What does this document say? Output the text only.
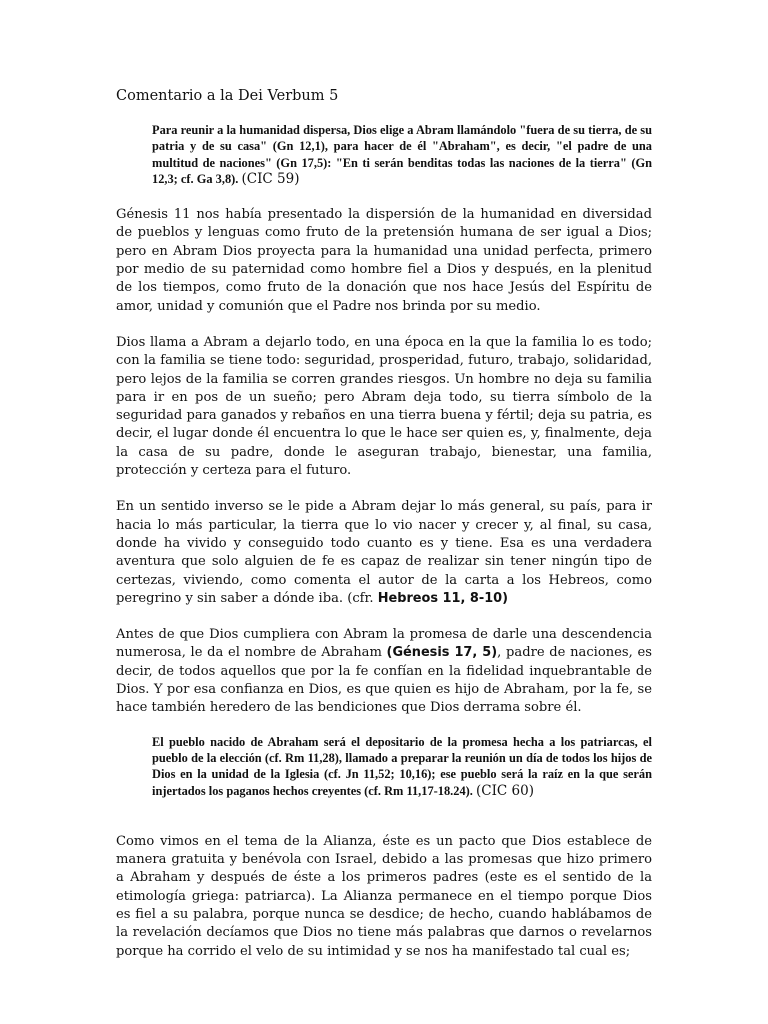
Comentario a la Dei Verbum 5
Para reunir a la humanidad dispersa, Dios elige a Abram llamándolo "fuera de su tierra, de su patria y de su casa" (Gn 12,1), para hacer de él "Abraham", es decir, "el padre de una multitud de naciones" (Gn 17,5): "En ti serán benditas todas las naciones de la tierra" (Gn 12,3; cf. Ga 3,8). (CIC 59)

Génesis 11 nos había presentado la dispersión de la humanidad en diversidad de pueblos y lenguas como fruto de la pretensión humana de ser igual a Dios; pero en Abram Dios proyecta para la humanidad una unidad perfecta, primero por medio de su paternidad como hombre fiel a Dios y después, en la plenitud de los tiempos, como fruto de la donación que nos hace Jesús del Espíritu de amor, unidad y comunión que el Padre nos brinda por su medio.

Dios llama a Abram a dejarlo todo, en una época en la que la familia lo es todo; con la familia se tiene todo: seguridad, prosperidad, futuro, trabajo, solidaridad, pero lejos de la familia se corren grandes riesgos. Un hombre no deja su familia para ir en pos de un sueño; pero Abram deja todo, su tierra símbolo de la seguridad para ganados y rebaños en una tierra buena y fértil; deja su patria, es decir, el lugar donde él encuentra lo que le hace ser quien es, y, finalmente, deja la casa de su padre, donde le aseguran trabajo, bienestar, una familia, protección y certeza para el futuro.

En un sentido inverso se le pide a Abram dejar lo más general, su país, para ir hacia lo más particular, la tierra que lo vio nacer y crecer y, al final, su casa, donde ha vivido y conseguido todo cuanto es y tiene. Esa es una verdadera aventura que solo alguien de fe es capaz de realizar sin tener ningún tipo de certezas, viviendo, como comenta el autor de la carta a los Hebreos, como peregrino y sin saber a dónde iba. (cfr. Hebreos 11, 8-10)

Antes de que Dios cumpliera con Abram la promesa de darle una descendencia numerosa, le da el nombre de Abraham (Génesis 17, 5), padre de naciones, es decir, de todos aquellos que por la fe confían en la fidelidad inquebrantable de Dios. Y por esa confianza en Dios, es que quien es hijo de Abraham, por la fe, se hace también heredero de las bendiciones que Dios derrama sobre él.

El pueblo nacido de Abraham será el depositario de la promesa hecha a los patriarcas, el pueblo de la elección (cf. Rm 11,28), llamado a preparar la reunión un día de todos los hijos de Dios en la unidad de la Iglesia (cf. Jn 11,52; 10,16); ese pueblo será la raíz en la que serán injertados los paganos hechos creyentes (cf. Rm 11,17-18.24). (CIC 60)

Como vimos en el tema de la Alianza, éste es un pacto que Dios establece de manera gratuita y benévola con Israel, debido a las promesas que hizo primero a Abraham y después de éste a los primeros padres (este es el sentido de la etimología griega: patriarca). La Alianza permanece en el tiempo porque Dios es fiel a su palabra, porque nunca se desdice; de hecho, cuando hablábamos de la revelación decíamos que Dios no tiene más palabras que darnos o revelarnos porque ha corrido el velo de su intimidad y se nos ha manifestado tal cual es;
